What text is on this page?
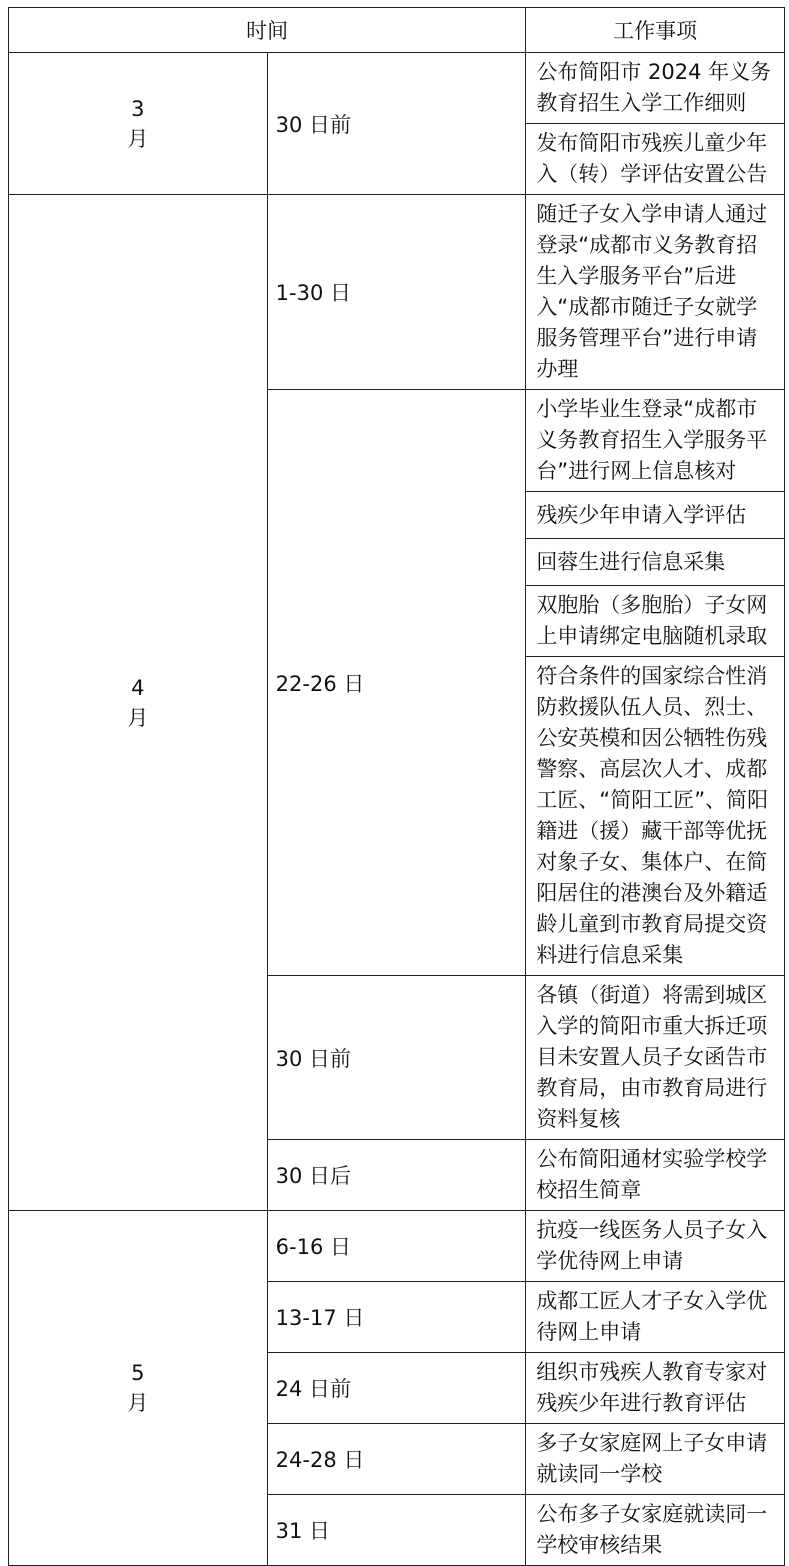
时间		工作事项
3月	30 日前	公布简阳市 2024 年义务教育招生入学工作细则
		发布简阳市残疾儿童少年入（转）学评估安置公告
4月	1-30 日	随迁子女入学申请人通过登录“成都市义务教育招生入学服务平台”后进入“成都市随迁子女就学服务管理平台”进行申请办理
	22-26 日	小学毕业生登录“成都市义务教育招生入学服务平台”进行网上信息核对
		残疾少年申请入学评估
		回蓉生进行信息采集
		双胞胎（多胞胎）子女网上申请绑定电脑随机录取
		符合条件的国家综合性消防救援队伍人员、烈士、公安英模和因公牺牲伤残警察、高层次人才、成都工匠、“简阳工匠”、简阳籍进（援）藏干部等优抚对象子女、集体户、在简阳居住的港澳台及外籍适龄儿童到市教育局提交资料进行信息采集
	30 日前	各镇（街道）将需到城区入学的简阳市重大拆迁项目未安置人员子女函告市教育局，由市教育局进行资料复核
	30 日后	公布简阳通材实验学校学校招生简章
5月	6-16 日	抗疫一线医务人员子女入学优待网上申请
	13-17 日	成都工匠人才子女入学优待网上申请
	24 日前	组织市残疾人教育专家对残疾少年进行教育评估
	24-28 日	多子女家庭网上子女申请就读同一学校
	31 日	公布多子女家庭就读同一学校审核结果
